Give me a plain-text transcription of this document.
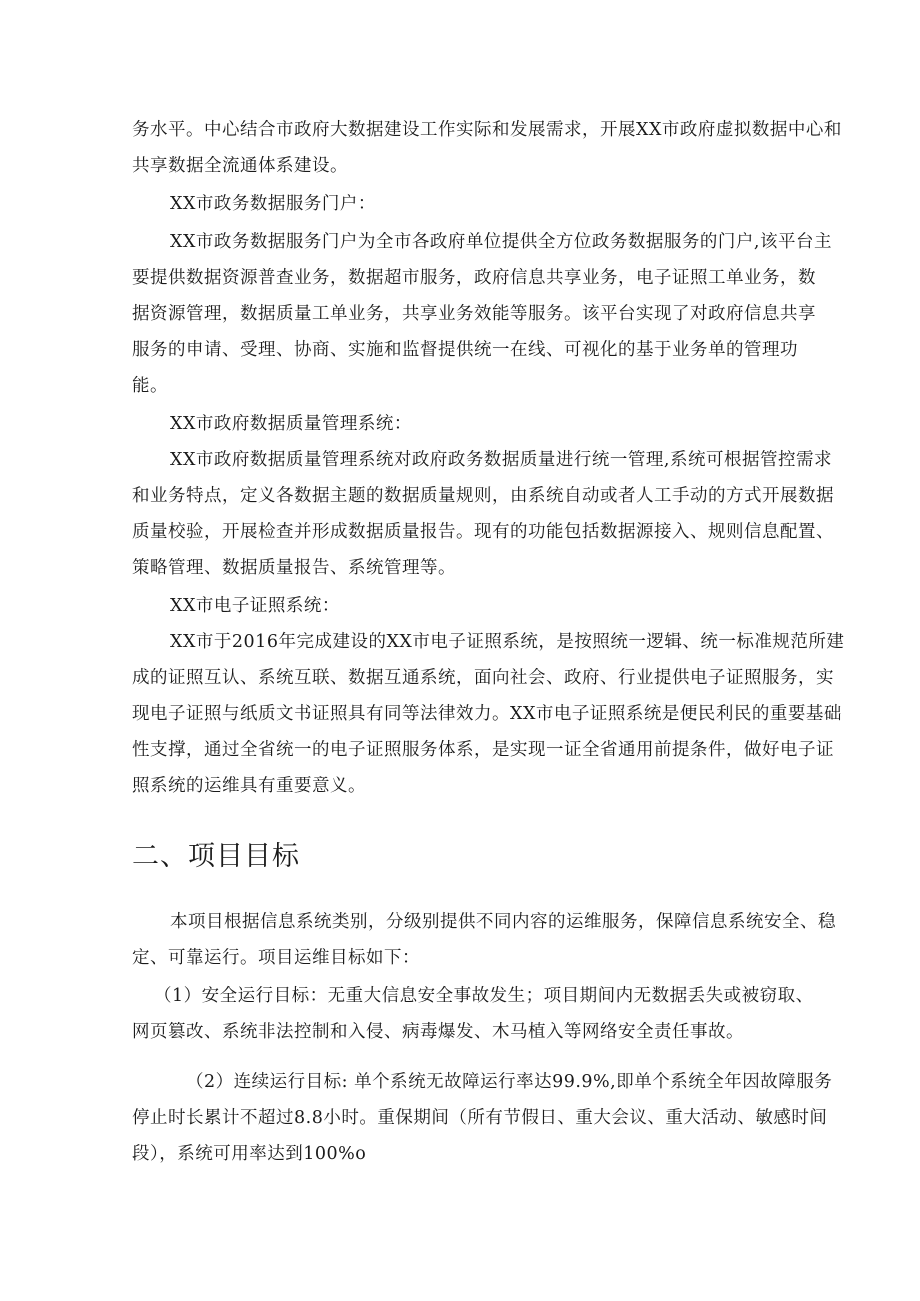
务水平。中心结合市政府大数据建设工作实际和发展需求，开展XX市政府虚拟数据中心和
共享数据全流通体系建设。
XX市政务数据服务门户：
XX市政务数据服务门户为全市各政府单位提供全方位政务数据服务的门户,该平台主
要提供数据资源普查业务，数据超市服务，政府信息共享业务，电子证照工单业务，数
据资源管理，数据质量工单业务，共享业务效能等服务。该平台实现了对政府信息共享
服务的申请、受理、协商、实施和监督提供统一在线、可视化的基于业务单的管理功
能。
XX市政府数据质量管理系统：
XX市政府数据质量管理系统对政府政务数据质量进行统一管理,系统可根据管控需求
和业务特点，定义各数据主题的数据质量规则，由系统自动或者人工手动的方式开展数据
质量校验，开展检查并形成数据质量报告。现有的功能包括数据源接入、规则信息配置、
策略管理、数据质量报告、系统管理等。
XX市电子证照系统：
XX市于2016年完成建设的XX市电子证照系统，是按照统一逻辑、统一标准规范所建
成的证照互认、系统互联、数据互通系统，面向社会、政府、行业提供电子证照服务，实
现电子证照与纸质文书证照具有同等法律效力。XX市电子证照系统是便民利民的重要基础
性支撑，通过全省统一的电子证照服务体系，是实现一证全省通用前提条件，做好电子证
照系统的运维具有重要意义。
二、项目目标
本项目根据信息系统类别，分级别提供不同内容的运维服务，保障信息系统安全、稳
定、可靠运行。项目运维目标如下：
（1）安全运行目标：无重大信息安全事故发生；项目期间内无数据丢失或被窃取、
网页篡改、系统非法控制和入侵、病毒爆发、木马植入等网络安全责任事故。
（2）连续运行目标: 单个系统无故障运行率达99.9%,即单个系统全年因故障服务
停止时长累计不超过8.8小时。重保期间（所有节假日、重大会议、重大活动、敏感时间
段），系统可用率达到100%o
